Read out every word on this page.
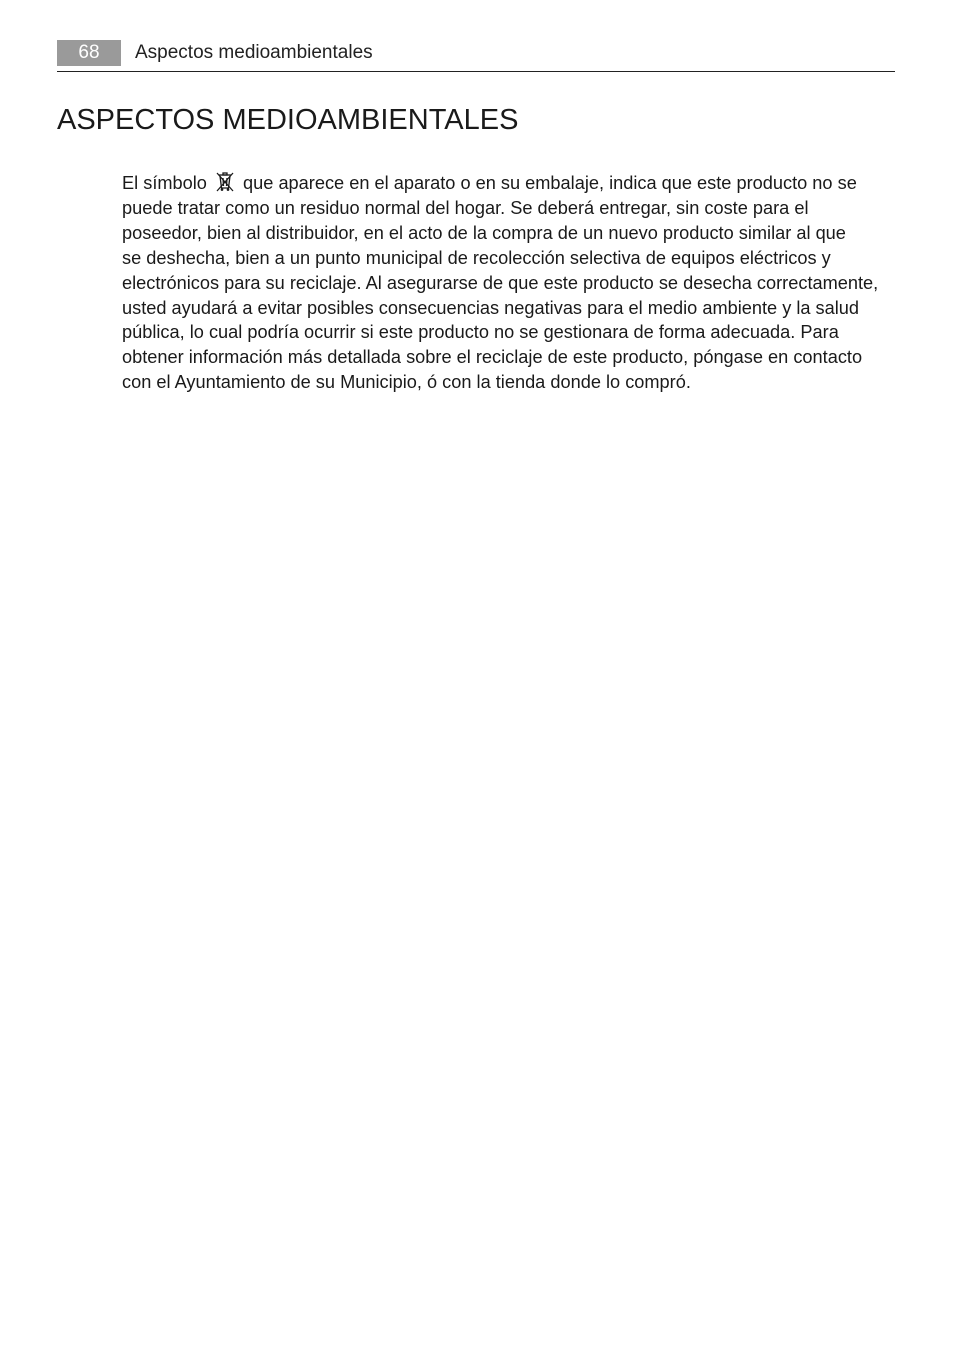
68	Aspectos medioambientales
ASPECTOS MEDIOAMBIENTALES

El símbolo que aparece en el aparato o en su embalaje, indica que este producto no se
puede tratar como un residuo normal del hogar. Se deberá entregar, sin coste para el
poseedor, bien al distribuidor, en el acto de la compra de un nuevo producto similar al que
se deshecha, bien a un punto municipal de recolección selectiva de equipos eléctricos y
electrónicos para su reciclaje. Al asegurarse de que este producto se desecha correctamente,
usted ayudará a evitar posibles consecuencias negativas para el medio ambiente y la salud
pública, lo cual podría ocurrir si este producto no se gestionara de forma adecuada. Para
obtener información más detallada sobre el reciclaje de este producto, póngase en contacto
con el Ayuntamiento de su Municipio, ó con la tienda donde lo compró.
